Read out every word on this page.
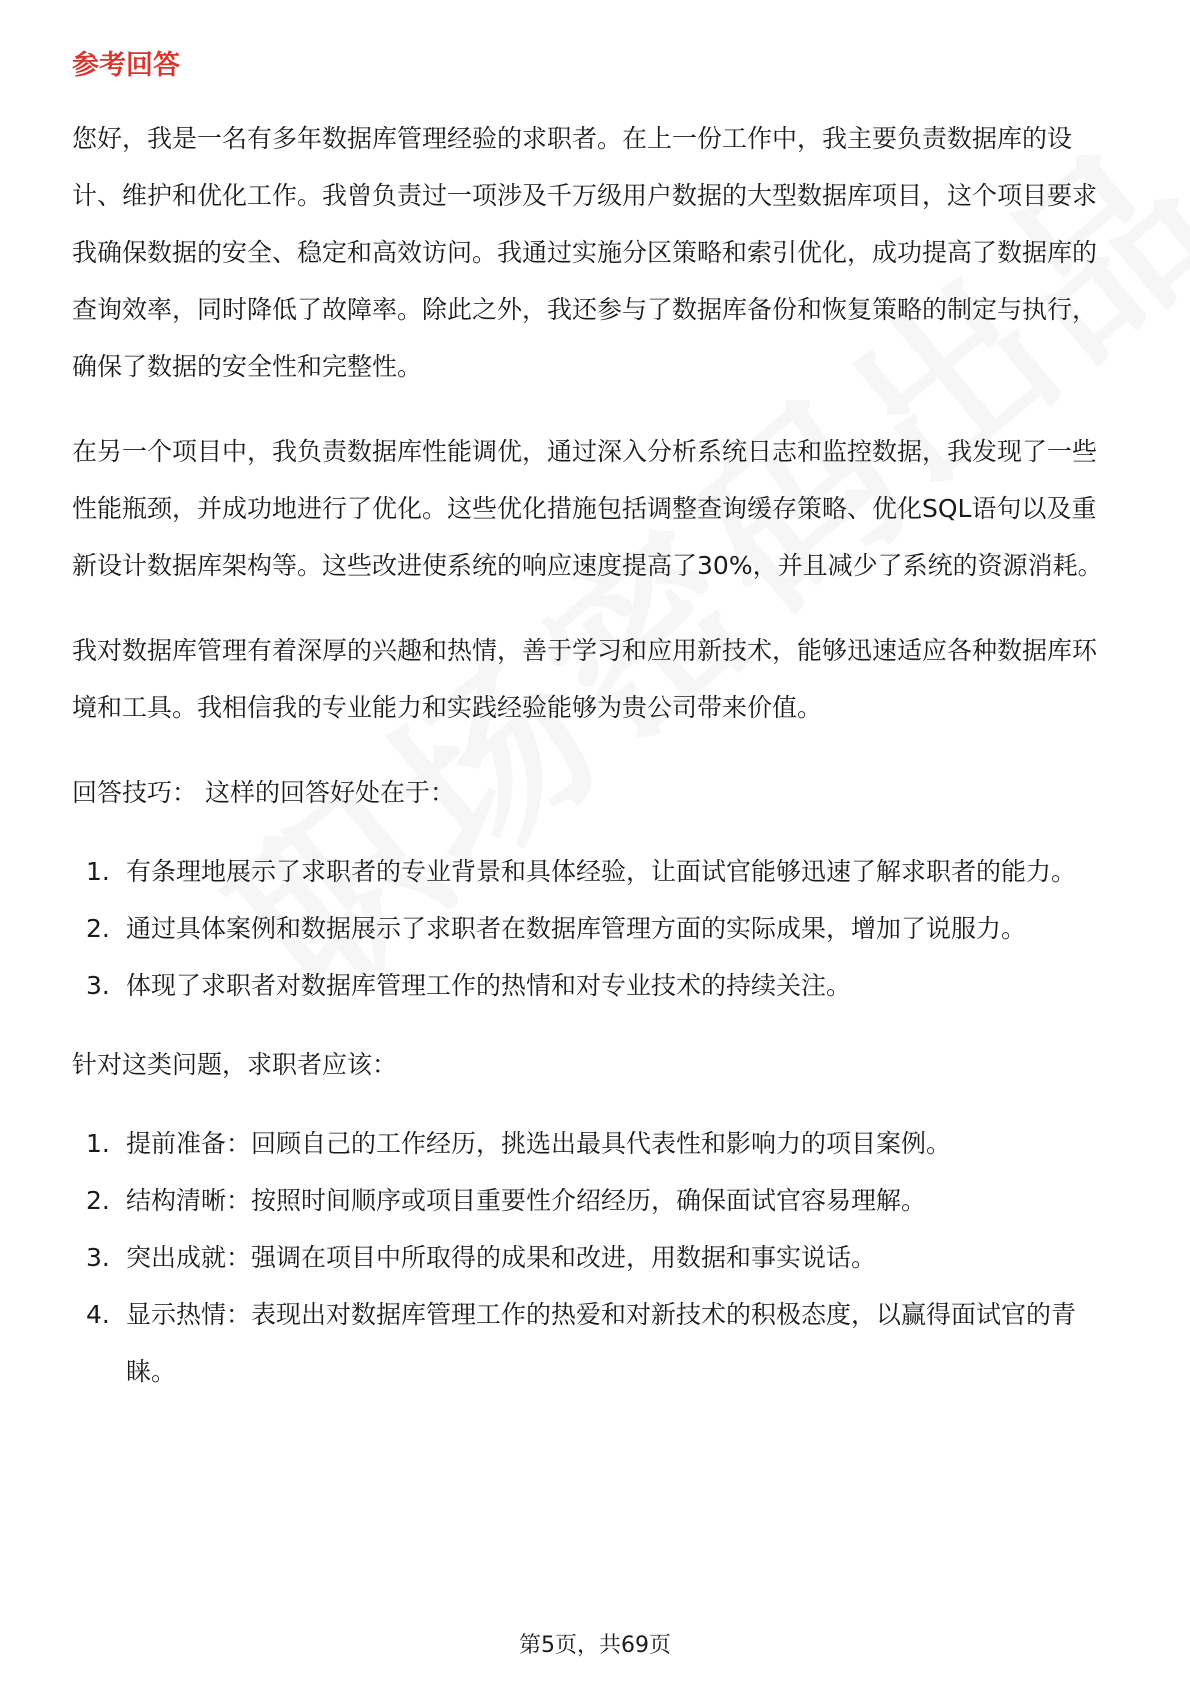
参考回答

您好，我是一名有多年数据库管理经验的求职者。在上一份工作中，我主要负责数据库的设计、维护和优化工作。我曾负责过一项涉及千万级用户数据的大型数据库项目，这个项目要求我确保数据的安全、稳定和高效访问。我通过实施分区策略和索引优化，成功提高了数据库的查询效率，同时降低了故障率。除此之外，我还参与了数据库备份和恢复策略的制定与执行，确保了数据的安全性和完整性。

在另一个项目中，我负责数据库性能调优，通过深入分析系统日志和监控数据，我发现了一些性能瓶颈，并成功地进行了优化。这些优化措施包括调整查询缓存策略、优化SQL语句以及重新设计数据库架构等。这些改进使系统的响应速度提高了30%，并且减少了系统的资源消耗。

我对数据库管理有着深厚的兴趣和热情，善于学习和应用新技术，能够迅速适应各种数据库环境和工具。我相信我的专业能力和实践经验能够为贵公司带来价值。

回答技巧： 这样的回答好处在于：

1. 有条理地展示了求职者的专业背景和具体经验，让面试官能够迅速了解求职者的能力。
2. 通过具体案例和数据展示了求职者在数据库管理方面的实际成果，增加了说服力。
3. 体现了求职者对数据库管理工作的热情和对专业技术的持续关注。

针对这类问题，求职者应该：

1. 提前准备：回顾自己的工作经历，挑选出最具代表性和影响力的项目案例。
2. 结构清晰：按照时间顺序或项目重要性介绍经历，确保面试官容易理解。
3. 突出成就：强调在项目中所取得的成果和改进，用数据和事实说话。
4. 显示热情：表现出对数据库管理工作的热爱和对新技术的积极态度，以赢得面试官的青睐。
第5页，共69页
